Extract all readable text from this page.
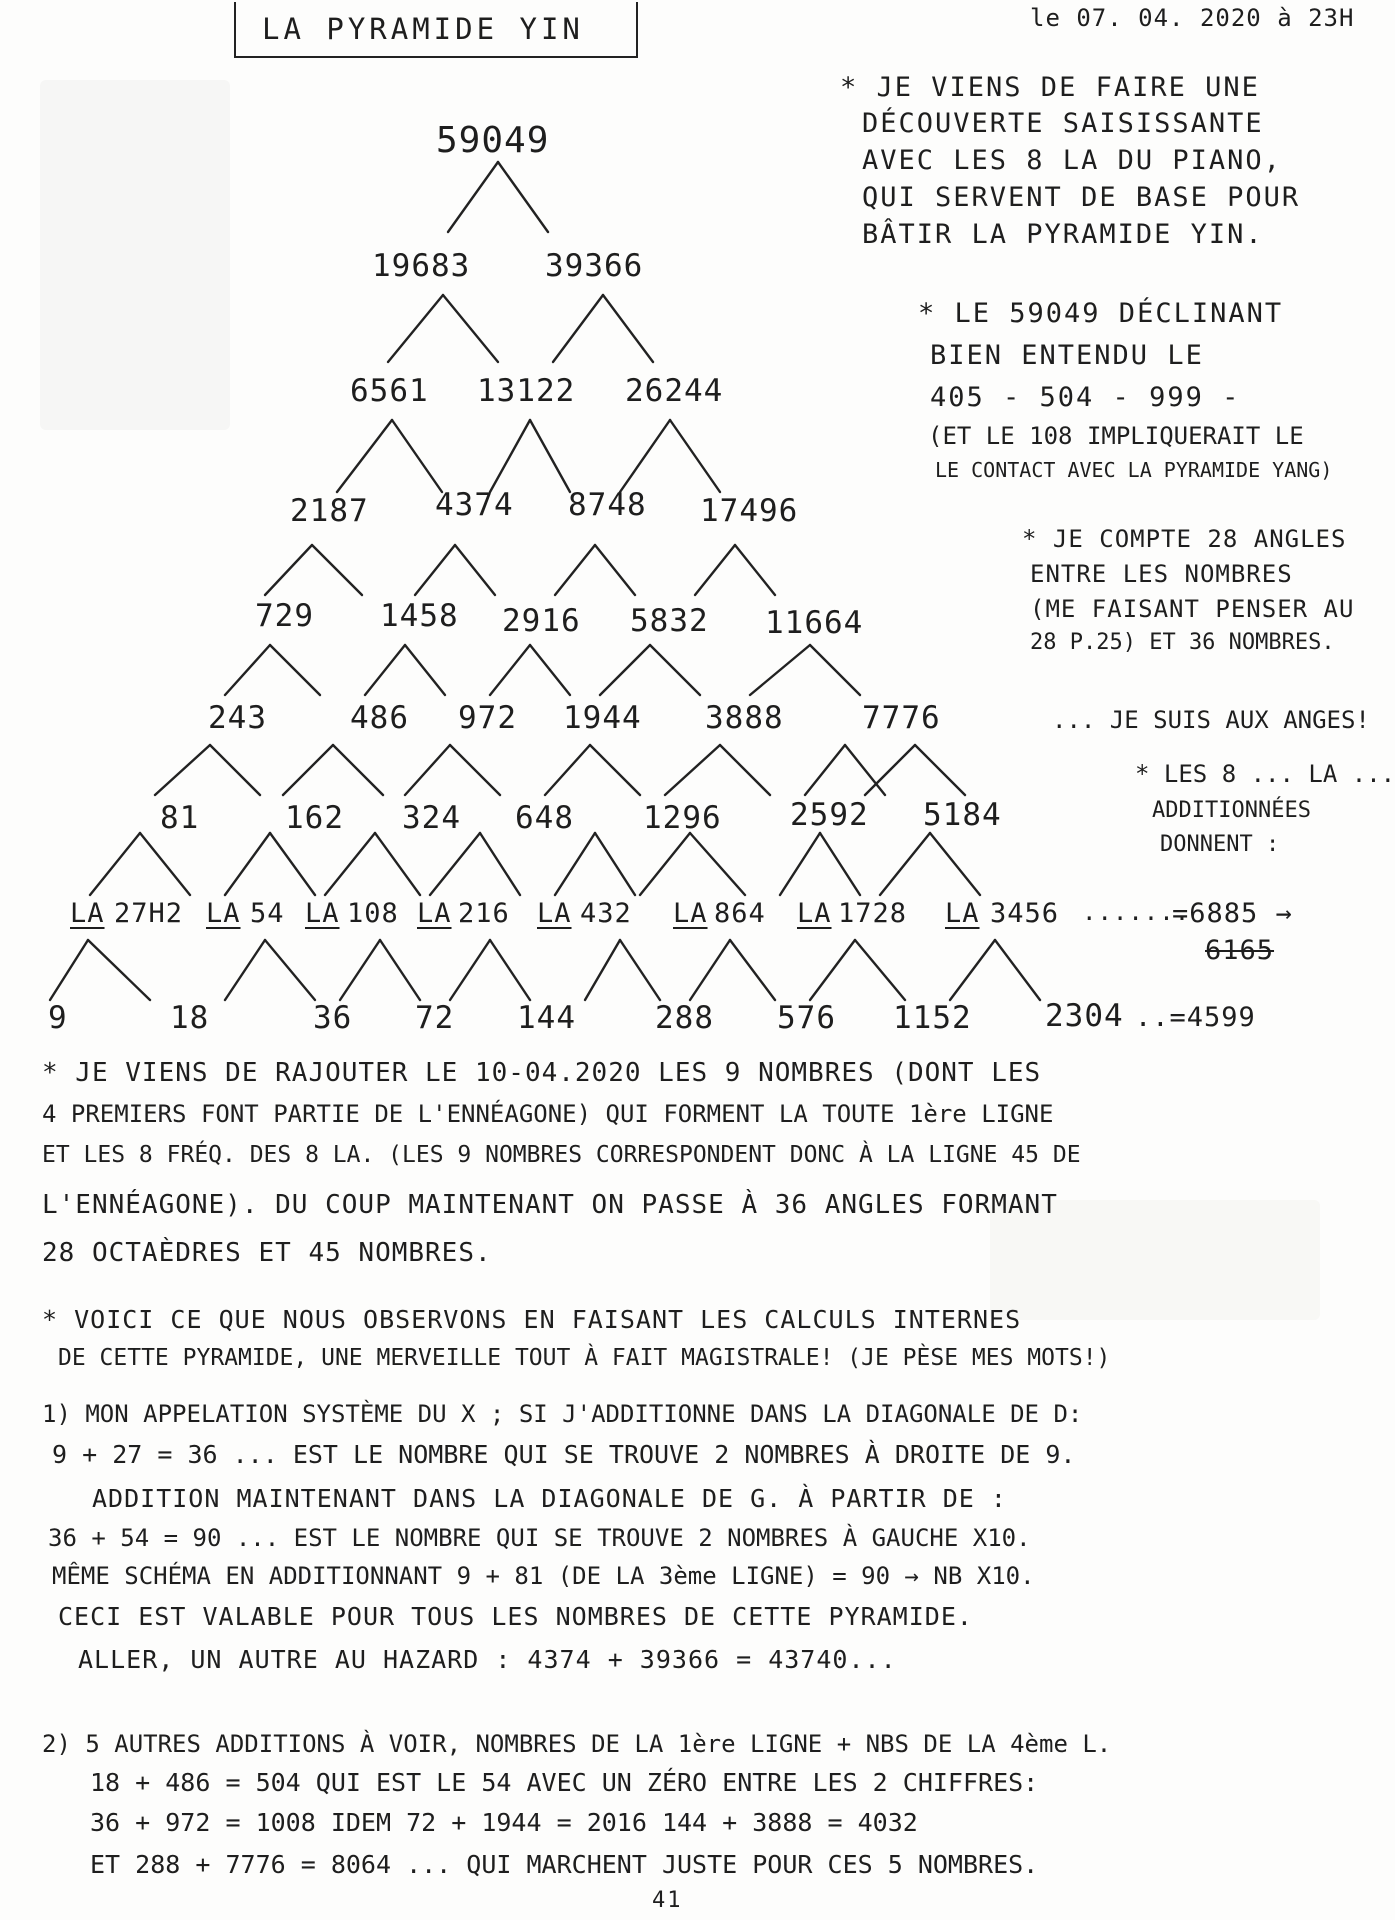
LA PYRAMIDE YIN	le 07. 04. 2020 à 23H
59049
19683 39366
6561 13122 26244
2187 4374 8748 17496
729 1458 2916 5832 11664
243	486 972 1944 3888	7776
81	162 324 648 1296 2592 5184
LA 27H2 LA 54 LA 108 LA 216 LA 432 LA 864 LA 1728 LA 3456 .......
=6885 →
6165
9	18	36 72 144	288 576 1152 2304 ..=4599
* JE VIENS DE FAIRE UNE
DÉCOUVERTE SAISISSANTE
AVEC LES 8 LA DU PIANO,
QUI SERVENT DE BASE POUR
BÂTIR LA PYRAMIDE YIN.
* LE 59049 DÉCLINANT
BIEN ENTENDU LE
405 - 504 - 999 -
(ET LE 108 IMPLIQUERAIT LE
LE CONTACT AVEC LA PYRAMIDE YANG)
* JE COMPTE 28 ANGLES
ENTRE LES NOMBRES
(ME FAISANT PENSER AU
28 P.25) ET 36 NOMBRES.
... JE SUIS AUX ANGES!
* LES 8 ... LA ...
ADDITIONNÉES
DONNENT :
* JE VIENS DE RAJOUTER LE 10-04.2020 LES 9 NOMBRES (DONT LES
4 PREMIERS FONT PARTIE DE L'ENNÉAGONE) QUI FORMENT LA TOUTE 1ère LIGNE
ET LES 8 FRÉQ. DES 8 LA. (LES 9 NOMBRES CORRESPONDENT DONC À LA LIGNE 45 DE
L'ENNÉAGONE). DU COUP MAINTENANT ON PASSE À 36 ANGLES FORMANT
28 OCTAÈDRES ET 45 NOMBRES.
* VOICI CE QUE NOUS OBSERVONS EN FAISANT LES CALCULS INTERNES
DE CETTE PYRAMIDE, UNE MERVEILLE TOUT À FAIT MAGISTRALE! (JE PÈSE MES MOTS!)
1) MON APPELATION SYSTÈME DU X ; SI J'ADDITIONNE DANS LA DIAGONALE DE D:
9 + 27 = 36 ... EST LE NOMBRE QUI SE TROUVE 2 NOMBRES À DROITE DE 9.
ADDITION MAINTENANT DANS LA DIAGONALE DE G. À PARTIR DE :
36 + 54 = 90 ... EST LE NOMBRE QUI SE TROUVE 2 NOMBRES À GAUCHE X10.
MÊME SCHÉMA EN ADDITIONNANT 9 + 81 (DE LA 3ème LIGNE) = 90 → NB X10.
CECI EST VALABLE POUR TOUS LES NOMBRES DE CETTE PYRAMIDE.
ALLER, UN AUTRE AU HAZARD : 4374 + 39366 = 43740...
2) 5 AUTRES ADDITIONS À VOIR, NOMBRES DE LA 1ère LIGNE + NBS DE LA 4ème L.
18 + 486 = 504 QUI EST LE 54 AVEC UN ZÉRO ENTRE LES 2 CHIFFRES:
36 + 972 = 1008 IDEM 72 + 1944 = 2016 144 + 3888 = 4032
ET 288 + 7776 = 8064 ... QUI MARCHENT JUSTE POUR CES 5 NOMBRES.
41
